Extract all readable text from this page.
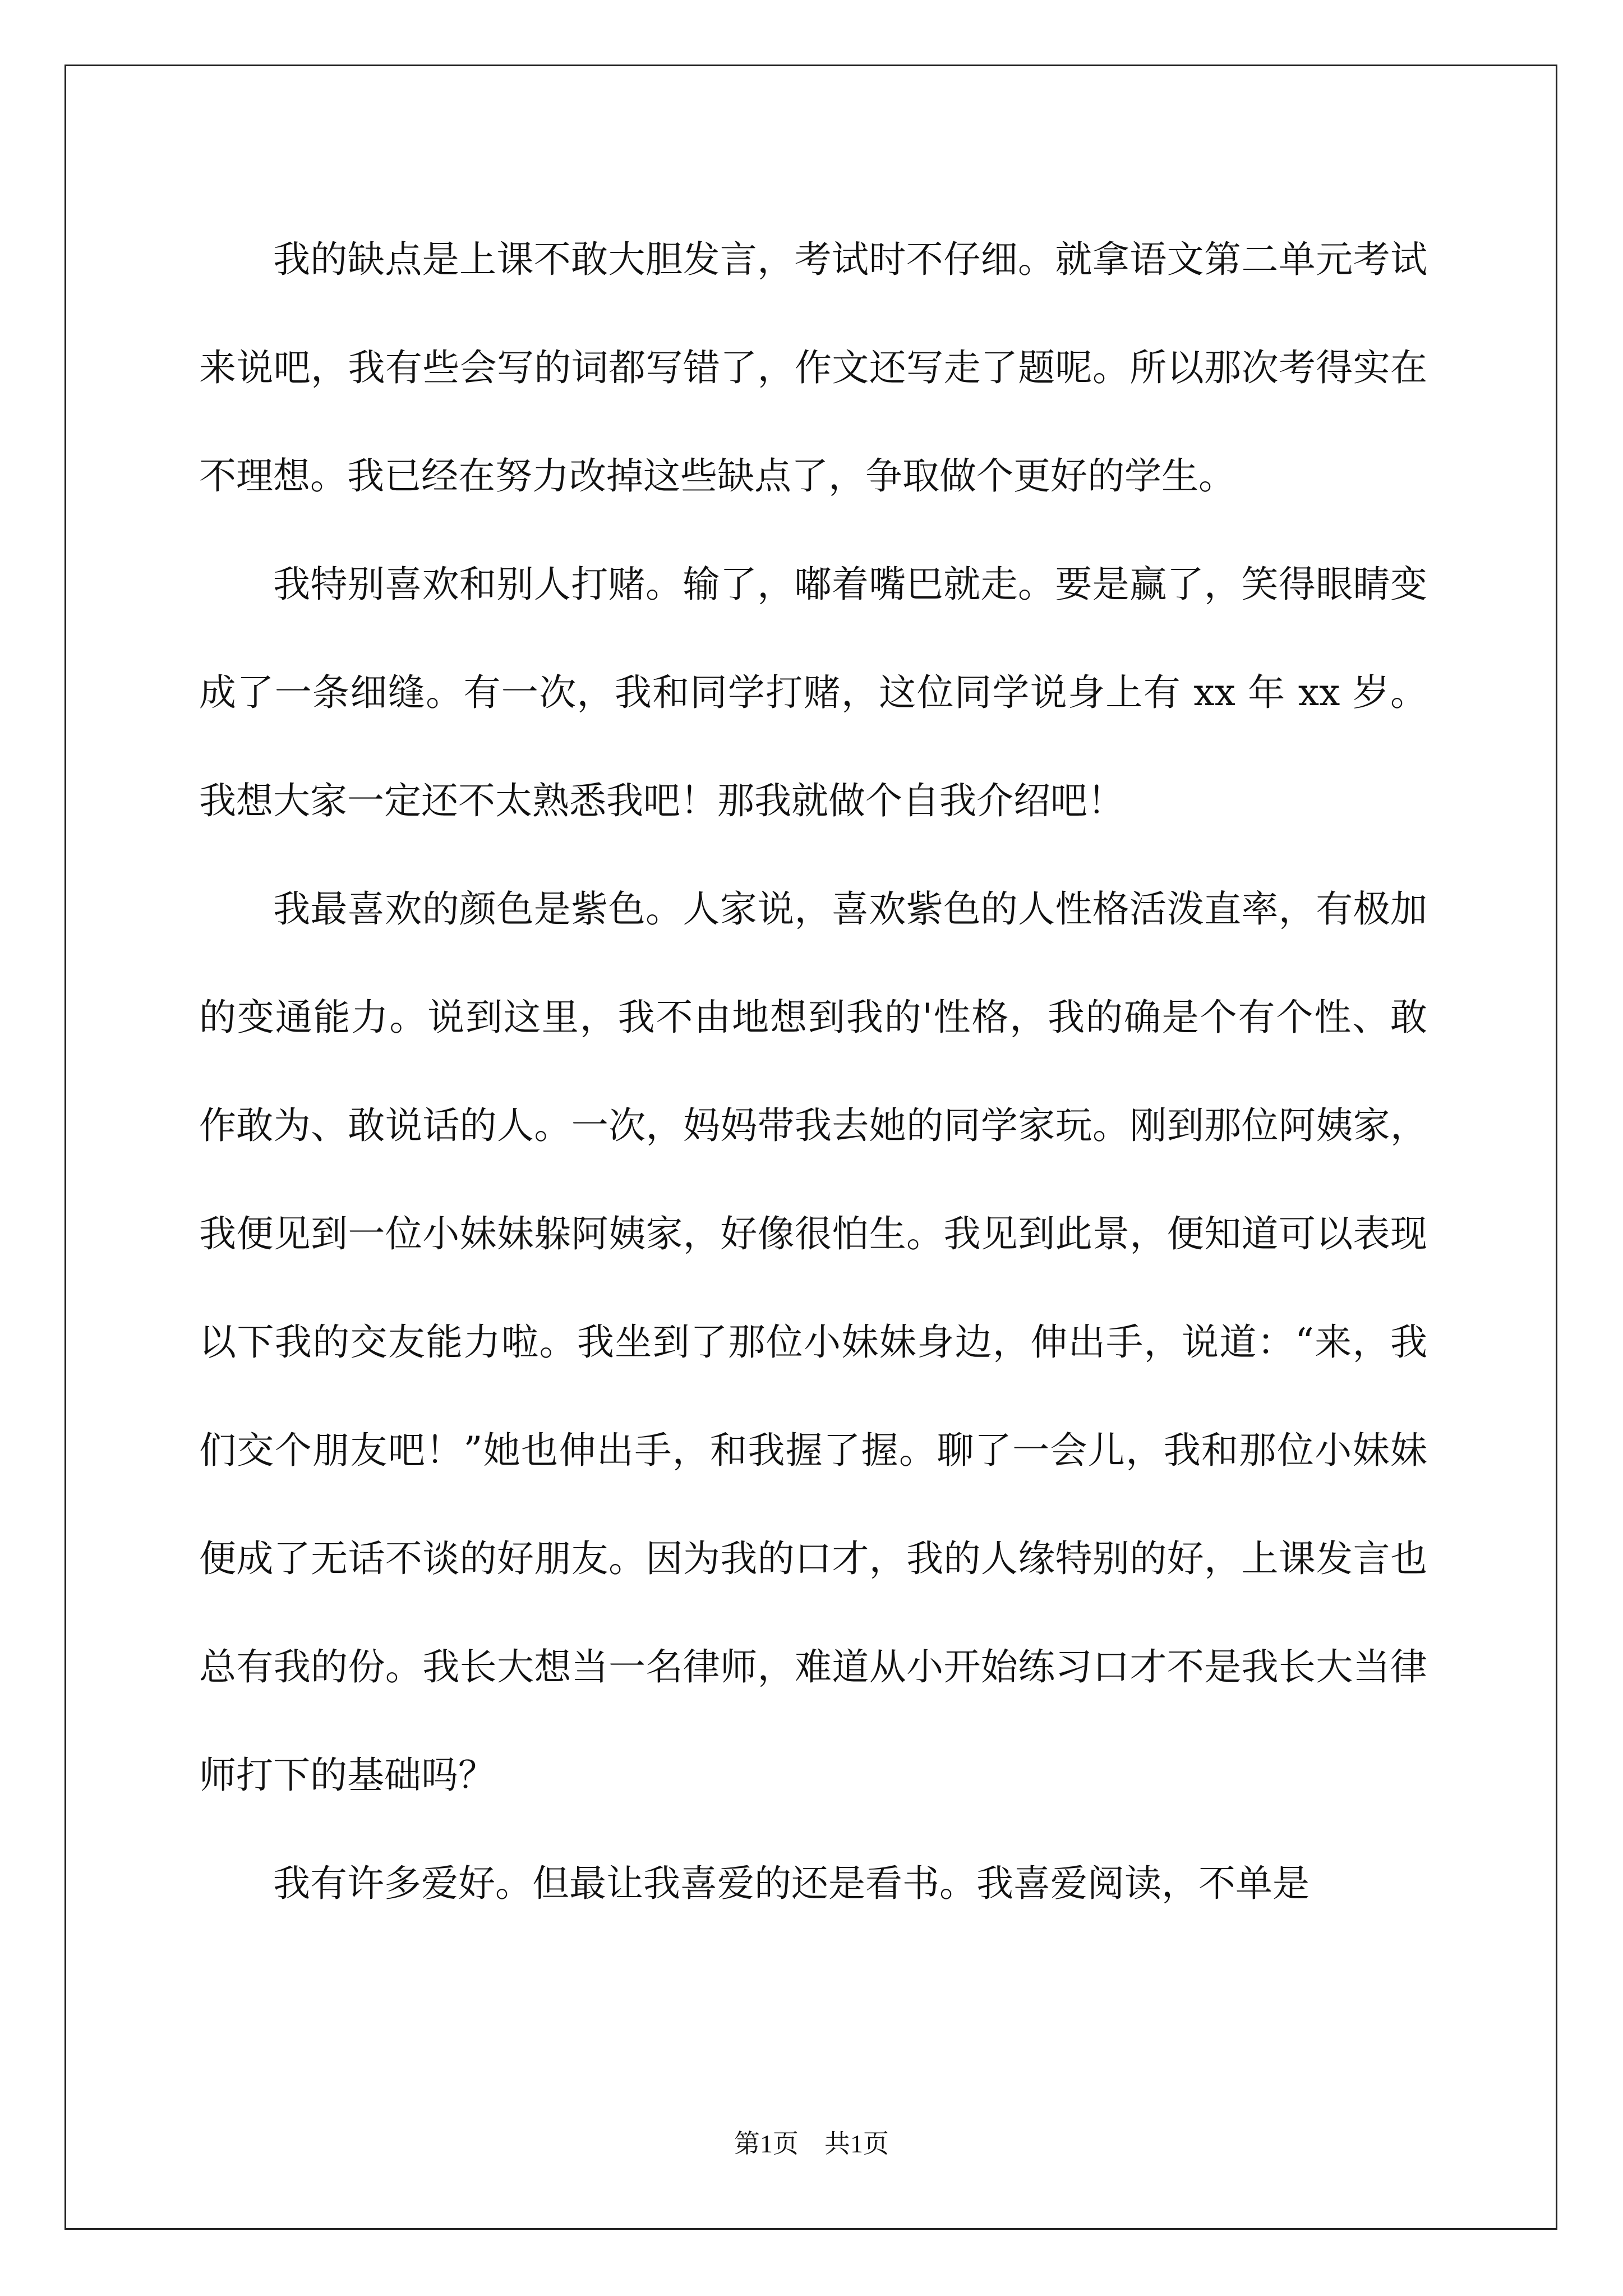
我的缺点是上课不敢大胆发言，考试时不仔细。就拿语文第二单元考试来说吧，我有些会写的词都写错了，作文还写走了题呢。所以那次考得实在不理想。我已经在努力改掉这些缺点了，争取做个更好的学生。

我特别喜欢和别人打赌。输了，嘟着嘴巴就走。要是赢了，笑得眼睛变成了一条细缝。有一次，我和同学打赌，这位同学说身上有 xx 年 xx 岁。我想大家一定还不太熟悉我吧！那我就做个自我介绍吧！

我最喜欢的颜色是紫色。人家说，喜欢紫色的人性格活泼直率，有极加的变通能力。说到这里，我不由地想到我的'性格，我的确是个有个性、敢作敢为、敢说话的人。一次，妈妈带我去她的同学家玩。刚到那位阿姨家，我便见到一位小妹妹躲阿姨家，好像很怕生。我见到此景，便知道可以表现以下我的交友能力啦。我坐到了那位小妹妹身边，伸出手，说道：“来，我们交个朋友吧！”她也伸出手，和我握了握。聊了一会儿，我和那位小妹妹便成了无话不谈的好朋友。因为我的口才，我的人缘特别的好，上课发言也总有我的份。我长大想当一名律师，难道从小开始练习口才不是我长大当律师打下的基础吗？

我有许多爱好。但最让我喜爱的还是看书。我喜爱阅读，不单是

第1页　共1页
